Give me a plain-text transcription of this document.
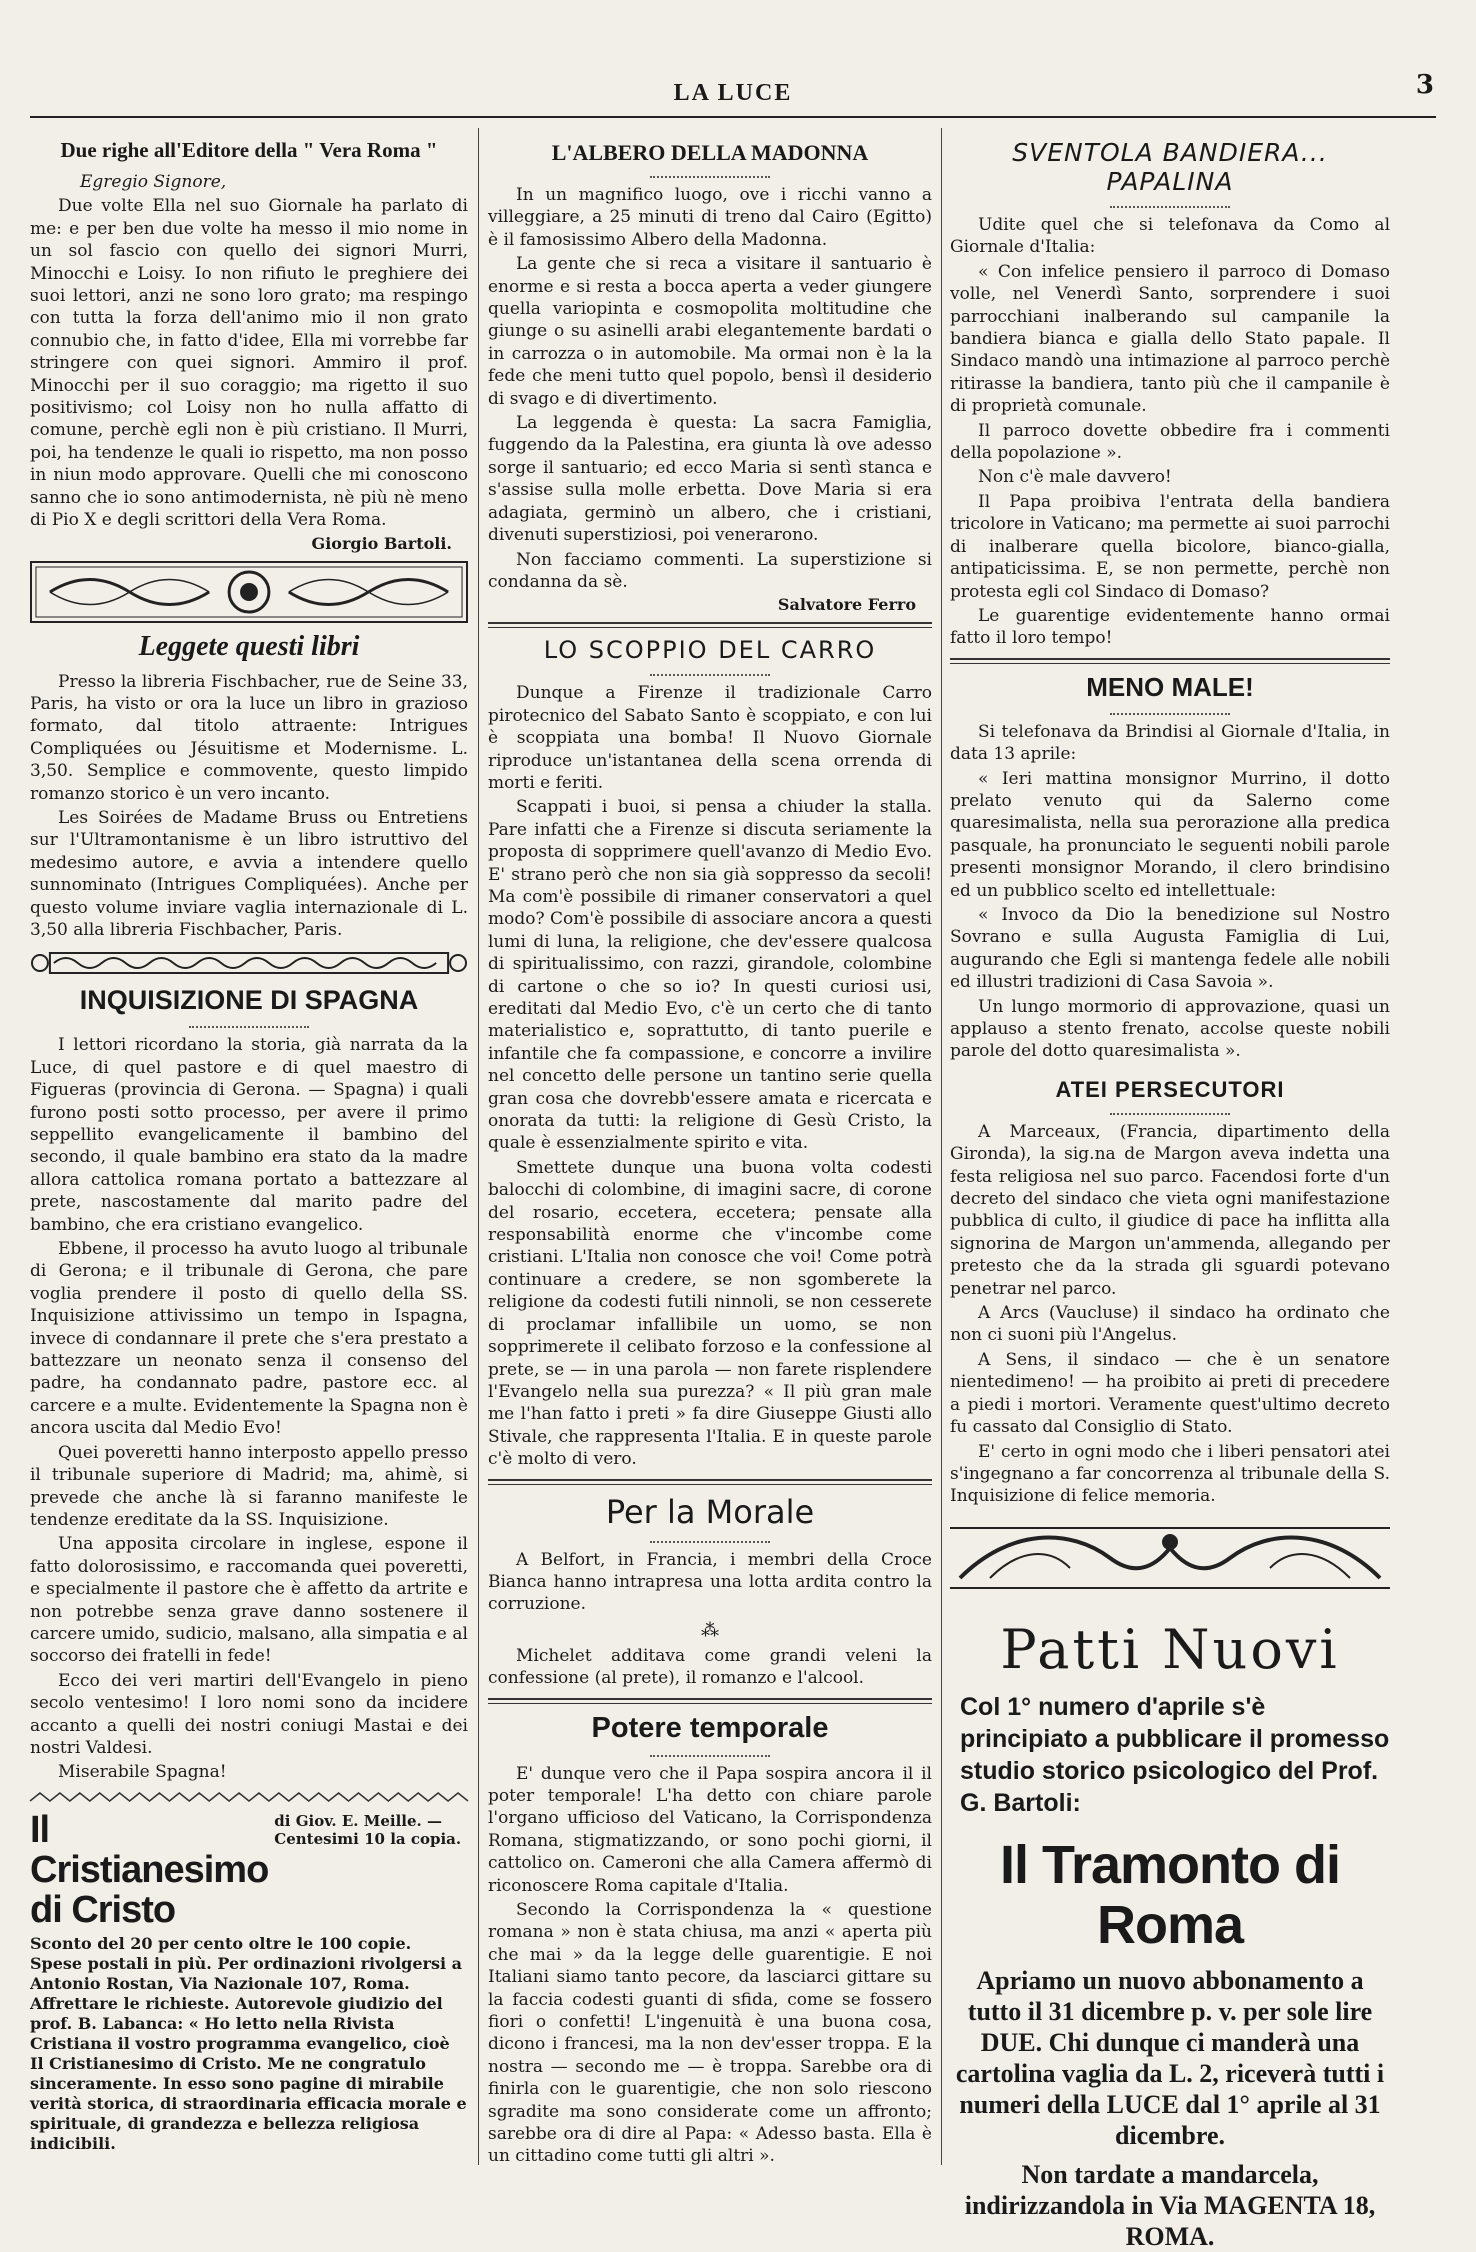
LA LUCE	3
Due righe all'Editore della " Vera Roma "

Egregio Signore,

Due volte Ella nel suo Giornale ha parlato di me: e per ben due volte ha messo il mio nome in un sol fascio con quello dei signori Murri, Minocchi e Loisy. Io non rifiuto le preghiere dei suoi lettori, anzi ne sono loro grato; ma respingo con tutta la forza dell'animo mio il non grato connubio che, in fatto d'idee, Ella mi vorrebbe far stringere con quei signori. Ammiro il prof. Minocchi per il suo coraggio; ma rigetto il suo positivismo; col Loisy non ho nulla affatto di comune, perchè egli non è più cristiano. Il Murri, poi, ha tendenze le quali io rispetto, ma non posso in niun modo approvare. Quelli che mi conoscono sanno che io sono antimodernista, nè più nè meno di Pio X e degli scrittori della Vera Roma.

Giorgio Bartoli.
Leggete questi libri

Presso la libreria Fischbacher, rue de Seine 33, Paris, ha visto or ora la luce un libro in grazioso formato, dal titolo attraente: Intrigues Compliquées ou Jésuitisme et Modernisme. L. 3,50. Semplice e commovente, questo limpido romanzo storico è un vero incanto.

Les Soirées de Madame Bruss ou Entretiens sur l'Ultramontanisme è un libro istruttivo del medesimo autore, e avvia a intendere quello sunnominato (Intrigues Compliquées). Anche per questo volume inviare vaglia internazionale di L. 3,50 alla libreria Fischbacher, Paris.

INQUISIZIONE DI SPAGNA

I lettori ricordano la storia, già narrata da la Luce, di quel pastore e di quel maestro di Figueras (provincia di Gerona. — Spagna) i quali furono posti sotto processo, per avere il primo seppellito evangelicamente il bambino del secondo, il quale bambino era stato da la madre allora cattolica romana portato a battezzare al prete, nascostamente dal marito padre del bambino, che era cristiano evangelico.

Ebbene, il processo ha avuto luogo al tribunale di Gerona; e il tribunale di Gerona, che pare voglia prendere il posto di quello della SS. Inquisizione attivissimo un tempo in Ispagna, invece di condannare il prete che s'era prestato a battezzare un neonato senza il consenso del padre, ha condannato padre, pastore ecc. al carcere e a multe. Evidentemente la Spagna non è ancora uscita dal Medio Evo!

Quei poveretti hanno interposto appello presso il tribunale superiore di Madrid; ma, ahimè, si prevede che anche là si faranno manifeste le tendenze ereditate da la SS. Inquisizione.

Una apposita circolare in inglese, espone il fatto dolorosissimo, e raccomanda quei poveretti, e specialmente il pastore che è affetto da artrite e non potrebbe senza grave danno sostenere il carcere umido, sudicio, malsano, alla simpatia e al soccorso dei fratelli in fede!

Ecco dei veri martiri dell'Evangelo in pieno secolo ventesimo! I loro nomi sono da incidere accanto a quelli dei nostri coniugi Mastai e dei nostri Valdesi.

Miserabile Spagna!

Il Cristianesimo di Cristo
di Giov. E. Meille. — Centesimi 10 la copia.

Sconto del 20 per cento oltre le 100 copie. Spese postali in più. Per ordinazioni rivolgersi a Antonio Rostan, Via Nazionale 107, Roma. Affrettare le richieste. Autorevole giudizio del prof. B. Labanca: « Ho letto nella Rivista Cristiana il vostro programma evangelico, cioè Il Cristianesimo di Cristo. Me ne congratulo sinceramente. In esso sono pagine di mirabile verità storica, di straordinaria efficacia morale e spirituale, di grandezza e bellezza religiosa indicibili.

L'ALBERO DELLA MADONNA

In un magnifico luogo, ove i ricchi vanno a villeggiare, a 25 minuti di treno dal Cairo (Egitto) è il famosissimo Albero della Madonna.

La gente che si reca a visitare il santuario è enorme e si resta a bocca aperta a veder giungere quella variopinta e cosmopolita moltitudine che giunge o su asinelli arabi elegantemente bardati o in carrozza o in automobile. Ma ormai non è la la fede che meni tutto quel popolo, bensì il desiderio di svago e di divertimento.

La leggenda è questa: La sacra Famiglia, fuggendo da la Palestina, era giunta là ove adesso sorge il santuario; ed ecco Maria si sentì stanca e s'assise sulla molle erbetta. Dove Maria si era adagiata, germinò un albero, che i cristiani, divenuti superstiziosi, poi venerarono.

Non facciamo commenti. La superstizione si condanna da sè.

Salvatore Ferro
LO SCOPPIO DEL CARRO

Dunque a Firenze il tradizionale Carro pirotecnico del Sabato Santo è scoppiato, e con lui è scoppiata una bomba! Il Nuovo Giornale riproduce un'istantanea della scena orrenda di morti e feriti.

Scappati i buoi, si pensa a chiuder la stalla. Pare infatti che a Firenze si discuta seriamente la proposta di sopprimere quell'avanzo di Medio Evo. E' strano però che non sia già soppresso da secoli! Ma com'è possibile di rimaner conservatori a quel modo? Com'è possibile di associare ancora a questi lumi di luna, la religione, che dev'essere qualcosa di spiritualissimo, con razzi, girandole, colombine di cartone o che so io? In questi curiosi usi, ereditati dal Medio Evo, c'è un certo che di tanto materialistico e, soprattutto, di tanto puerile e infantile che fa compassione, e concorre a invilire nel concetto delle persone un tantino serie quella gran cosa che dovrebb'essere amata e ricercata e onorata da tutti: la religione di Gesù Cristo, la quale è essenzialmente spirito e vita.

Smettete dunque una buona volta codesti balocchi di colombine, di imagini sacre, di corone del rosario, eccetera, eccetera; pensate alla responsabilità enorme che v'incombe come cristiani. L'Italia non conosce che voi! Come potrà continuare a credere, se non sgomberete la religione da codesti futili ninnoli, se non cesserete di proclamar infallibile un uomo, se non sopprimerete il celibato forzoso e la confessione al prete, se — in una parola — non farete risplendere l'Evangelo nella sua purezza? « Il più gran male me l'han fatto i preti » fa dire Giuseppe Giusti allo Stivale, che rappresenta l'Italia. E in queste parole c'è molto di vero.

Per la Morale

A Belfort, in Francia, i membri della Croce Bianca hanno intrapresa una lotta ardita contro la corruzione.

⁂

Michelet additava come grandi veleni la confessione (al prete), il romanzo e l'alcool.

Potere temporale

E' dunque vero che il Papa sospira ancora il il poter temporale! L'ha detto con chiare parole l'organo ufficioso del Vaticano, la Corrispondenza Romana, stigmatizzando, or sono pochi giorni, il cattolico on. Cameroni che alla Camera affermò di riconoscere Roma capitale d'Italia.

Secondo la Corrispondenza la « questione romana » non è stata chiusa, ma anzi « aperta più che mai » da la legge delle guarentigie. E noi Italiani siamo tanto pecore, da lasciarci gittare su la faccia codesti guanti di sfida, come se fossero fiori o confetti! L'ingenuità è una buona cosa, dicono i francesi, ma la non dev'esser troppa. E la nostra — secondo me — è troppa. Sarebbe ora di finirla con le guarentigie, che non solo riescono sgradite ma sono considerate come un affronto; sarebbe ora di dire al Papa: « Adesso basta. Ella è un cittadino come tutti gli altri ».

SVENTOLA BANDIERA... PAPALINA

Udite quel che si telefonava da Como al Giornale d'Italia:

« Con infelice pensiero il parroco di Domaso volle, nel Venerdì Santo, sorprendere i suoi parrocchiani inalberando sul campanile la bandiera bianca e gialla dello Stato papale. Il Sindaco mandò una intimazione al parroco perchè ritirasse la bandiera, tanto più che il campanile è di proprietà comunale.

Il parroco dovette obbedire fra i commenti della popolazione ».

Non c'è male davvero!

Il Papa proibiva l'entrata della bandiera tricolore in Vaticano; ma permette ai suoi parrochi di inalberare quella bicolore, bianco-gialla, antipaticissima. E, se non permette, perchè non protesta egli col Sindaco di Domaso?

Le guarentige evidentemente hanno ormai fatto il loro tempo!

MENO MALE!

Si telefonava da Brindisi al Giornale d'Italia, in data 13 aprile:

« Ieri mattina monsignor Murrino, il dotto prelato venuto qui da Salerno come quaresimalista, nella sua perorazione alla predica pasquale, ha pronunciato le seguenti nobili parole presenti monsignor Morando, il clero brindisino ed un pubblico scelto ed intellettuale:

« Invoco da Dio la benedizione sul Nostro Sovrano e sulla Augusta Famiglia di Lui, augurando che Egli si mantenga fedele alle nobili ed illustri tradizioni di Casa Savoia ».

Un lungo mormorio di approvazione, quasi un applauso a stento frenato, accolse queste nobili parole del dotto quaresimalista ».

ATEI PERSECUTORI

A Marceaux, (Francia, dipartimento della Gironda), la sig.na de Margon aveva indetta una festa religiosa nel suo parco. Facendosi forte d'un decreto del sindaco che vieta ogni manifestazione pubblica di culto, il giudice di pace ha inflitta alla signorina de Margon un'ammenda, allegando per pretesto che da la strada gli sguardi potevano penetrar nel parco.

A Arcs (Vaucluse) il sindaco ha ordinato che non ci suoni più l'Angelus.

A Sens, il sindaco — che è un senatore nientedimeno! — ha proibito ai preti di precedere a piedi i mortori. Veramente quest'ultimo decreto fu cassato dal Consiglio di Stato.

E' certo in ogni modo che i liberi pensatori atei s'ingegnano a far concorrenza al tribunale della S. Inquisizione di felice memoria.

Patti Nuovi
Col 1° numero d'aprile s'è principiato a pubblicare il promesso studio storico psicologico del Prof. G. Bartoli:
Il Tramonto di Roma
Apriamo un nuovo abbonamento a tutto il 31 dicembre p. v. per sole lire DUE. Chi dunque ci manderà una cartolina vaglia da L. 2, riceverà tutti i numeri della LUCE dal 1° aprile al 31 dicembre.
Non tardate a mandarcela, indirizzandola in Via MAGENTA 18, ROMA.
